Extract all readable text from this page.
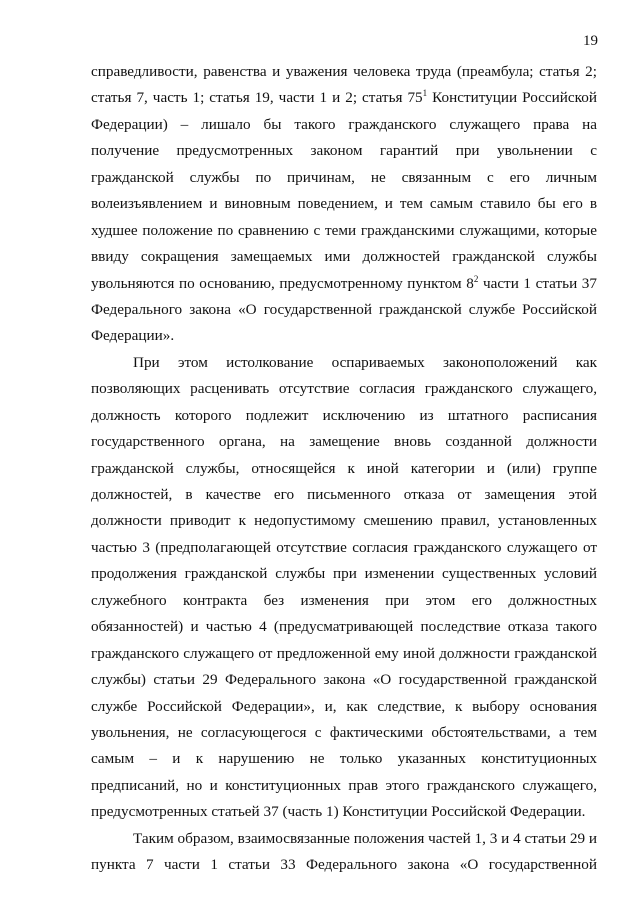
19
справедливости, равенства и уважения человека труда (преамбула; статья 2;
статья 7, часть 1; статья 19, части 1 и 2; статья $75^1$ Конституции Российской
Федерации) – лишало бы такого гражданского служащего права на
получение предусмотренных законом гарантий при увольнении с
гражданской службы по причинам, не связанным с его личным
волеизъявлением и виновным поведением, и тем самым ставило бы его в
худшее положение по сравнению с теми гражданскими служащими, которые
ввиду сокращения замещаемых ими должностей гражданской службы
увольняются по основанию, предусмотренному пунктом $8^2$ части 1 статьи 37
Федерального закона «О государственной гражданской службе Российской
Федерации».
При этом истолкование оспариваемых законоположений как
позволяющих расценивать отсутствие согласия гражданского служащего,
должность которого подлежит исключению из штатного расписания
государственного органа, на замещение вновь созданной должности
гражданской службы, относящейся к иной категории и (или) группе
должностей, в качестве его письменного отказа от замещения этой
должности приводит к недопустимому смешению правил, установленных
частью 3 (предполагающей отсутствие согласия гражданского служащего от
продолжения гражданской службы при изменении существенных условий
служебного контракта без изменения при этом его должностных
обязанностей) и частью 4 (предусматривающей последствие отказа такого
гражданского служащего от предложенной ему иной должности гражданской
службы) статьи 29 Федерального закона «О государственной гражданской
службе Российской Федерации», и, как следствие, к выбору основания
увольнения, не согласующегося с фактическими обстоятельствами, а тем
самым – и к нарушению не только указанных конституционных
предписаний, но и конституционных прав этого гражданского служащего,
предусмотренных статьей 37 (часть 1) Конституции Российской Федерации.
Таким образом, взаимосвязанные положения частей 1, 3 и 4 статьи 29 и
пункта 7 части 1 статьи 33 Федерального закона «О государственной
